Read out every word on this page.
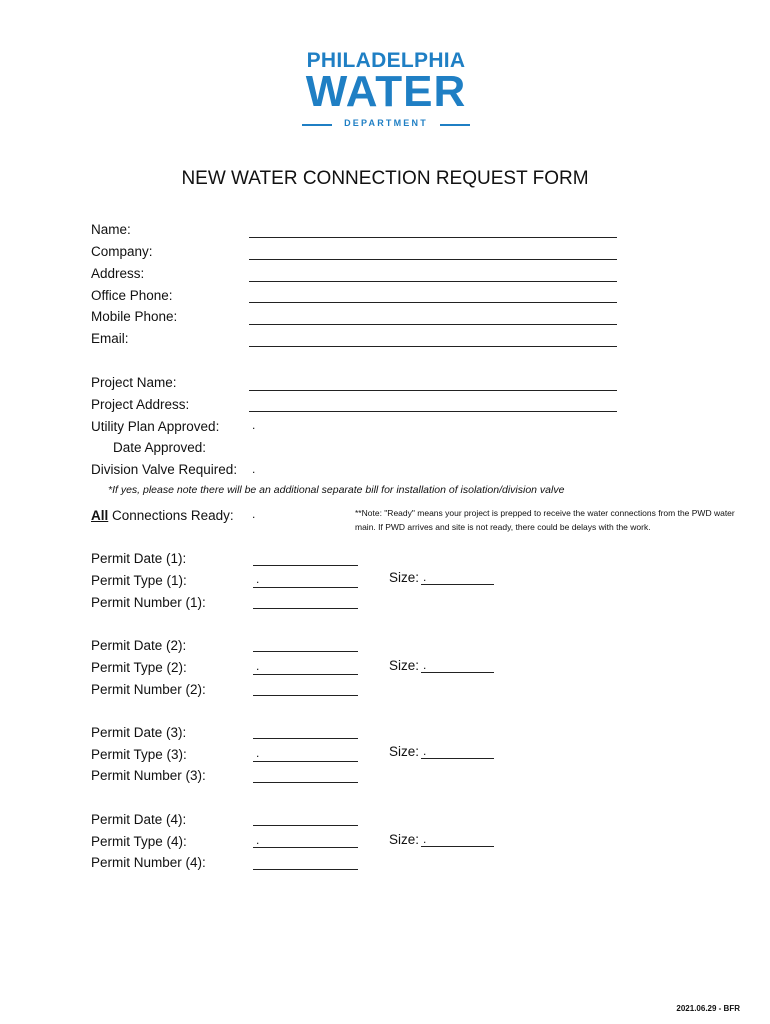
PHILADELPHIA
WATER
DEPARTMENT
NEW WATER CONNECTION REQUEST FORM
Name:
Company:
Address:
Office Phone:
Mobile Phone:
Email:
Project Name:
Project Address:
Utility Plan Approved:	.
Date Approved:
Division Valve Required: .
*If yes, please note there will be an additional separate bill for installation of isolation/division valve
All Connections Ready: .	**Note: "Ready" means your project is prepped to receive the water connections from the PWD water main. If PWD arrives and site is not ready, there could be delays with the work.
Permit Date (1):
Permit Type (1):	.	Size: .
Permit Number (1):
Permit Date (2):
Permit Type (2):	.	Size: .
Permit Number (2):
Permit Date (3):
Permit Type (3):	.	Size: .
Permit Number (3):
Permit Date (4):
Permit Type (4):	.	Size: .
Permit Number (4):
2021.06.29 - BFR
